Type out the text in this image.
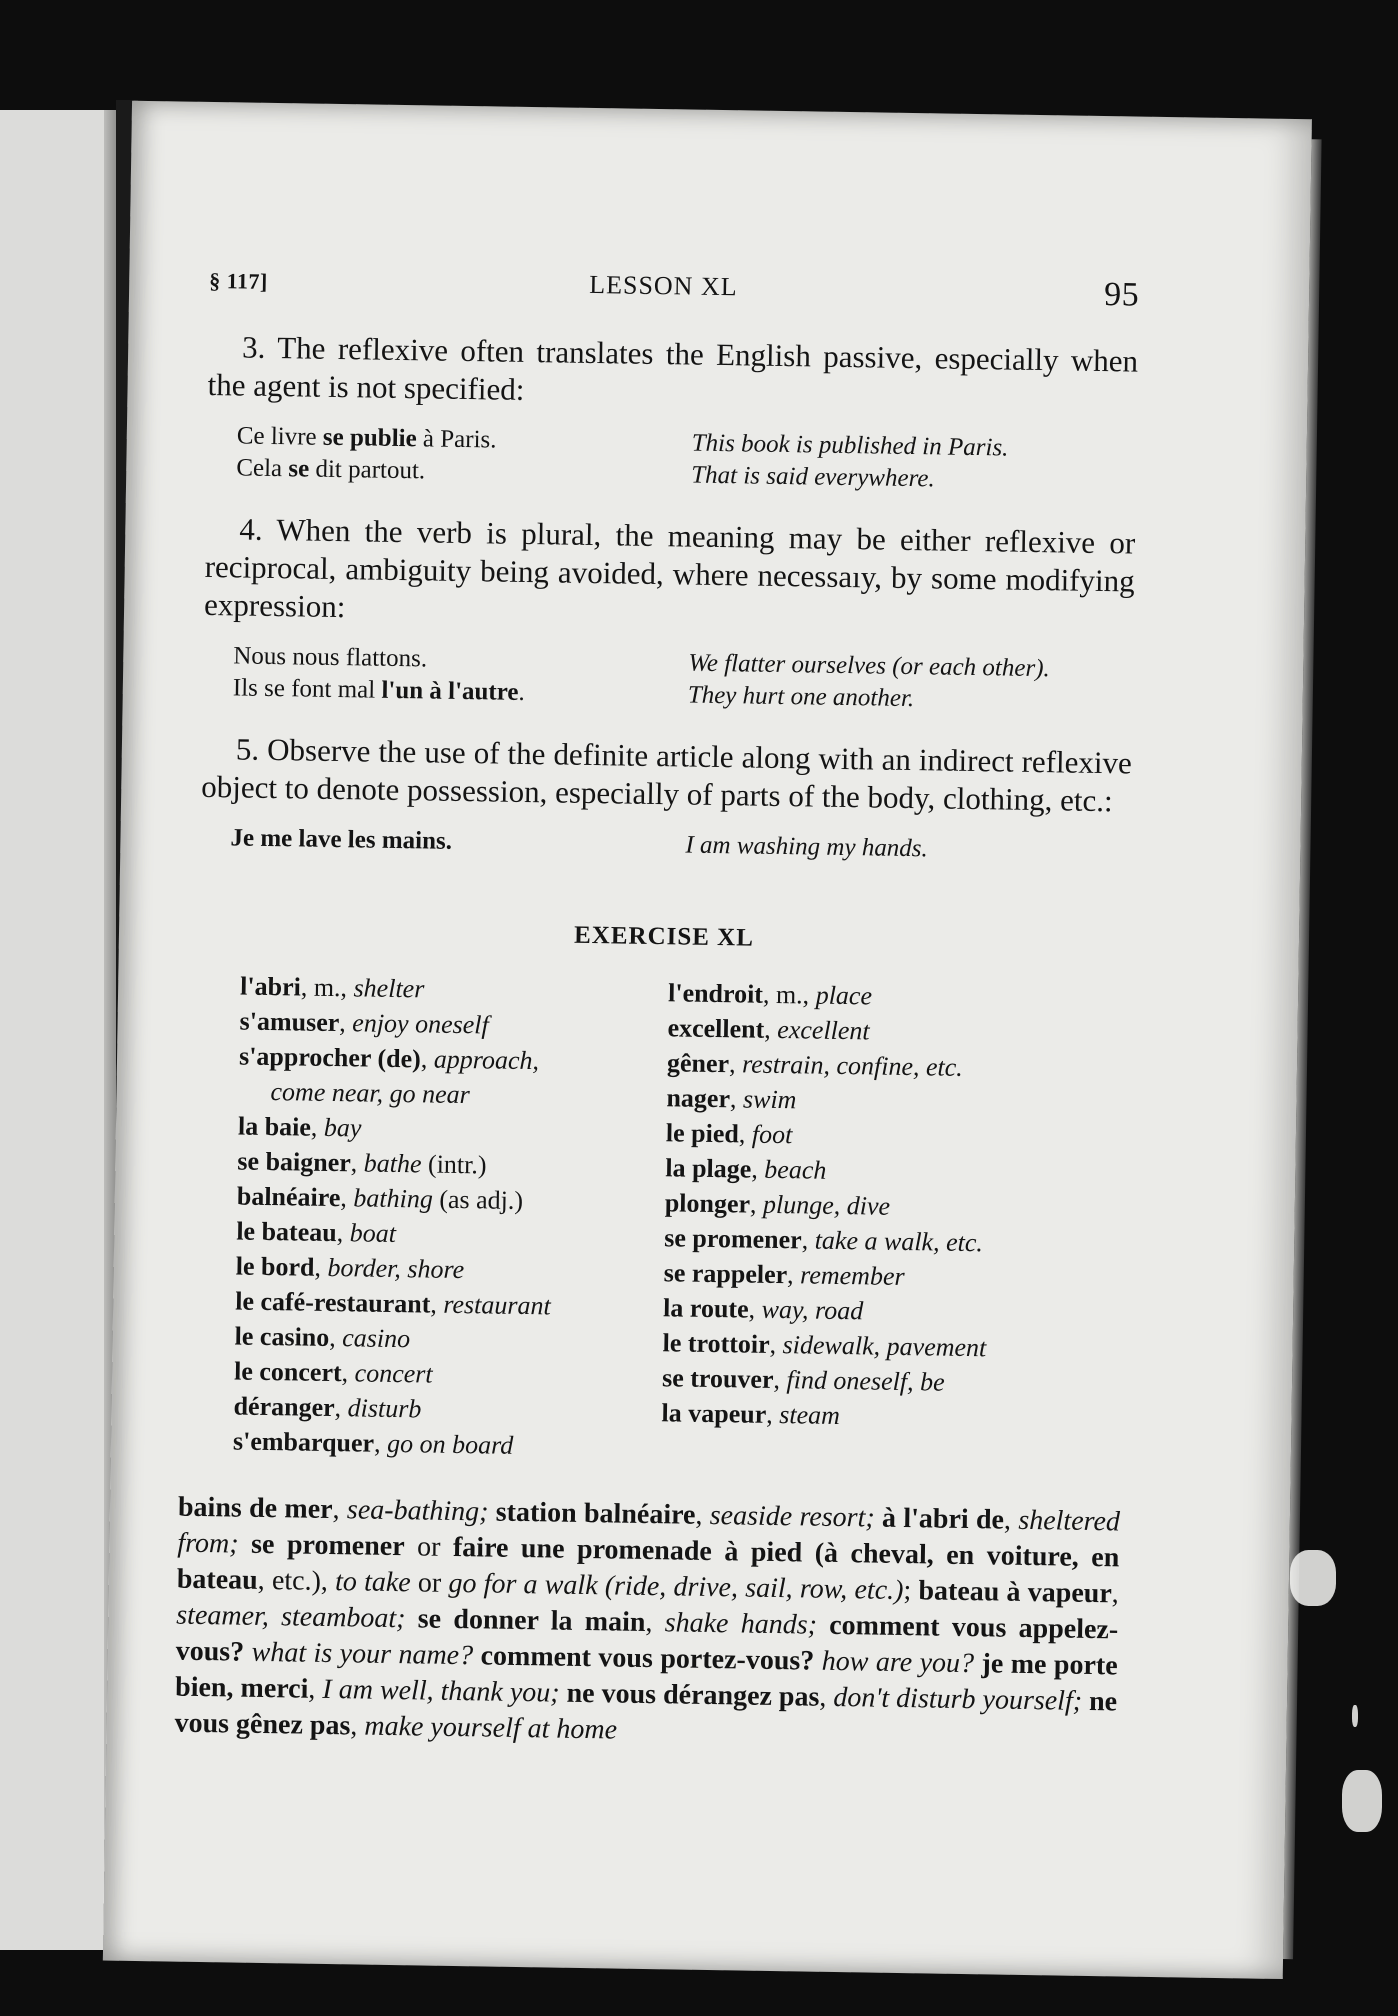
§ 117]	LESSON XL	95
3. The reflexive often translates the English passive, especially when the agent is not specified:
Ce livre se publie à Paris.	This book is published in Paris.
Cela se dit partout.	That is said everywhere.
4. When the verb is plural, the meaning may be either reflexive or reciprocal, ambiguity being avoided, where necessaıy, by some modifying expression:
Nous nous flattons.	We flatter ourselves (or each other).
Ils se font mal l'un à l'autre.	They hurt one another.
5. Observe the use of the definite article along with an indirect reflexive object to denote possession, especially of parts of the body, clothing, etc.:
Je me lave les mains.	I am washing my hands.
EXERCISE XL
l'abri, m., shelter
s'amuser, enjoy oneself
s'approcher (de), approach,
come near, go near
la baie, bay
se baigner, bathe (intr.)
balnéaire, bathing (as adj.)
le bateau, boat
le bord, border, shore
le café-restaurant, restaurant
le casino, casino
le concert, concert
déranger, disturb
s'embarquer, go on board
l'endroit, m., place
excellent, excellent
gêner, restrain, confine, etc.
nager, swim
le pied, foot
la plage, beach
plonger, plunge, dive
se promener, take a walk, etc.
se rappeler, remember
la route, way, road
le trottoir, sidewalk, pavement
se trouver, find oneself, be
la vapeur, steam
bains de mer, sea-bathing; station balnéaire, seaside resort; à l'abri de, sheltered from; se promener or faire une promenade à pied (à cheval, en voiture, en bateau, etc.), to take or go for a walk (ride, drive, sail, row, etc.); bateau à vapeur, steamer, steamboat; se donner la main, shake hands; comment vous appelez-vous? what is your name? comment vous portez-vous? how are you? je me porte bien, merci, I am well, thank you; ne vous dérangez pas, don't disturb yourself; ne vous gênez pas, make yourself at home
